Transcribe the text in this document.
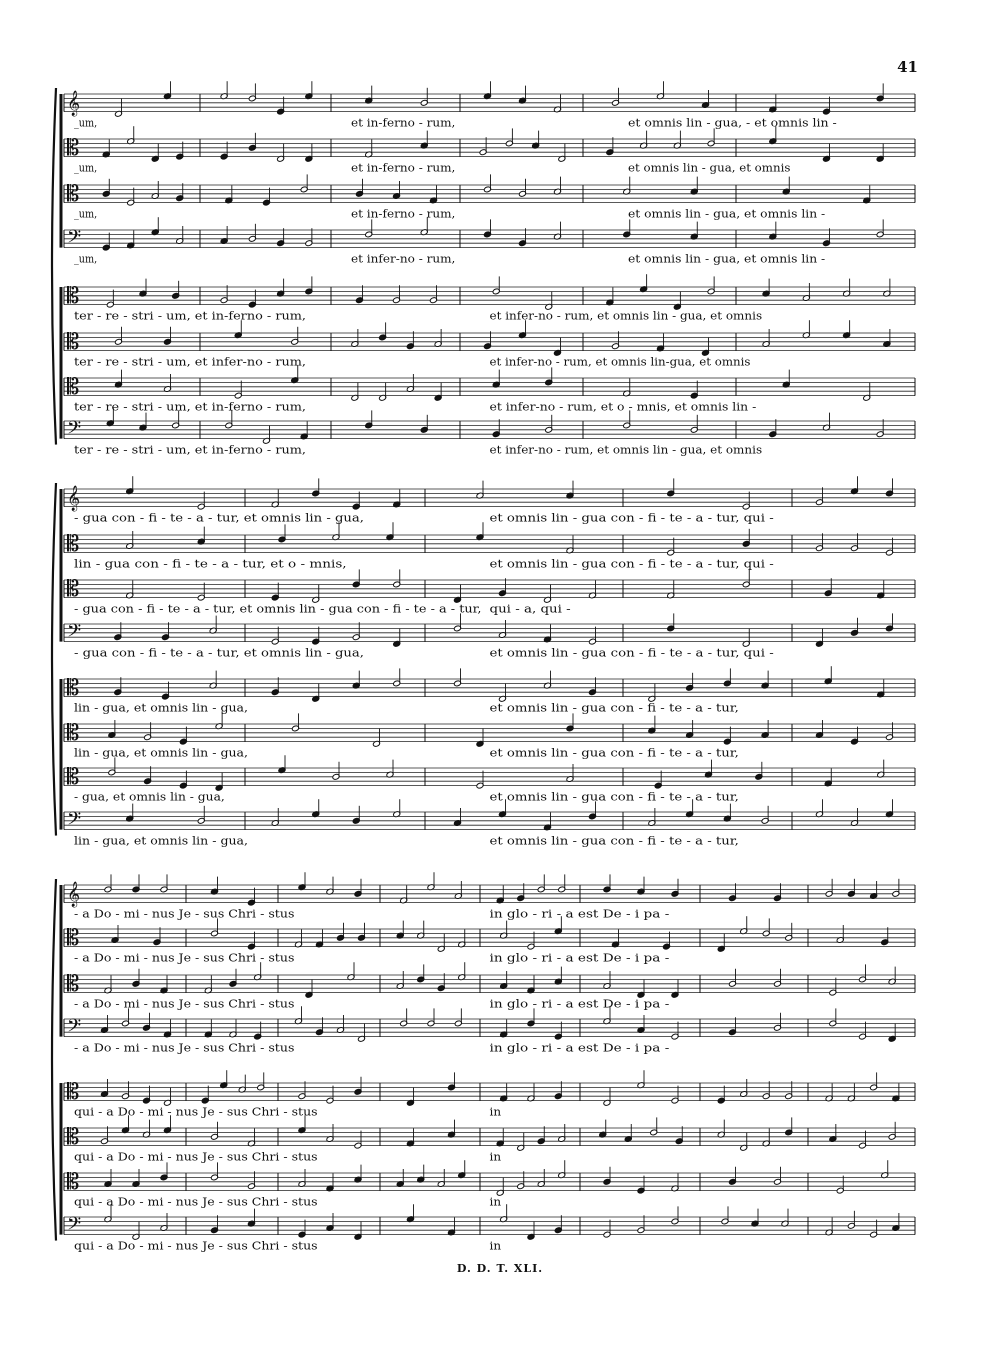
41
𝄞
_um,	et in-ferno - rum,	et omnis lin - gua, - et omnis lin -
𝄡
_um,	et in-ferno - rum,	et omnis lin - gua, et omnis
𝄡
_um,	et in-ferno - rum,	et omnis lin - gua, et omnis lin -
𝄢
_um,	et infer-no - rum,	et omnis lin - gua, et omnis lin -
𝄡
ter - re - stri - um, et in-ferno - rum,	et infer-no - rum, et omnis lin - gua, et omnis
𝄡
ter - re - stri - um, et infer-no - rum,	et infer-no - rum, et omnis lin-gua, et omnis
𝄡
ter - re - stri - um, et in-ferno - rum,	et infer-no - rum, et o - mnis, et omnis lin -
𝄢
ter - re - stri - um, et in-ferno - rum,	et infer-no - rum, et omnis lin - gua, et omnis
𝄞
- gua con - fi - te - a - tur, et omnis lin - gua,	et omnis lin - gua con - fi - te - a - tur, qui -
𝄡
lin - gua con - fi - te - a - tur, et o - mnis,	et omnis lin - gua con - fi - te - a - tur, qui -
𝄡
- gua con - fi - te - a - tur, et omnis lin - gua con - fi - te - a - tur, qui - a, qui -
𝄢
- gua con - fi - te - a - tur, et omnis lin - gua,	et omnis lin - gua con - fi - te - a - tur, qui -
𝄡
lin - gua, et omnis lin - gua,	et omnis lin - gua con - fi - te - a - tur,
𝄡
lin - gua, et omnis lin - gua,	et omnis lin - gua con - fi - te - a - tur,
𝄡
- gua, et omnis lin - gua,	et omnis lin - gua con - fi - te - a - tur,
𝄢
lin - gua, et omnis lin - gua,	et omnis lin - gua con - fi - te - a - tur,
𝄞
- a Do - mi - nus Je - sus Chri - stus	in glo - ri - a est De - i pa -
𝄡
- a Do - mi - nus Je - sus Chri - stus	in glo - ri - a est De - i pa -
𝄡
- a Do - mi - nus Je - sus Chri - stus	in glo - ri - a est De - i pa -
𝄢
- a Do - mi - nus Je - sus Chri - stus	in glo - ri - a est De - i pa -
𝄡
qui - a Do - mi - nus Je - sus Chri - stus	in
𝄡
qui - a Do - mi - nus Je - sus Chri - stus	in
𝄡
qui - a Do - mi - nus Je - sus Chri - stus	in
𝄢
qui - a Do - mi - nus Je - sus Chri - stus	in
D. D. T. XLI.
